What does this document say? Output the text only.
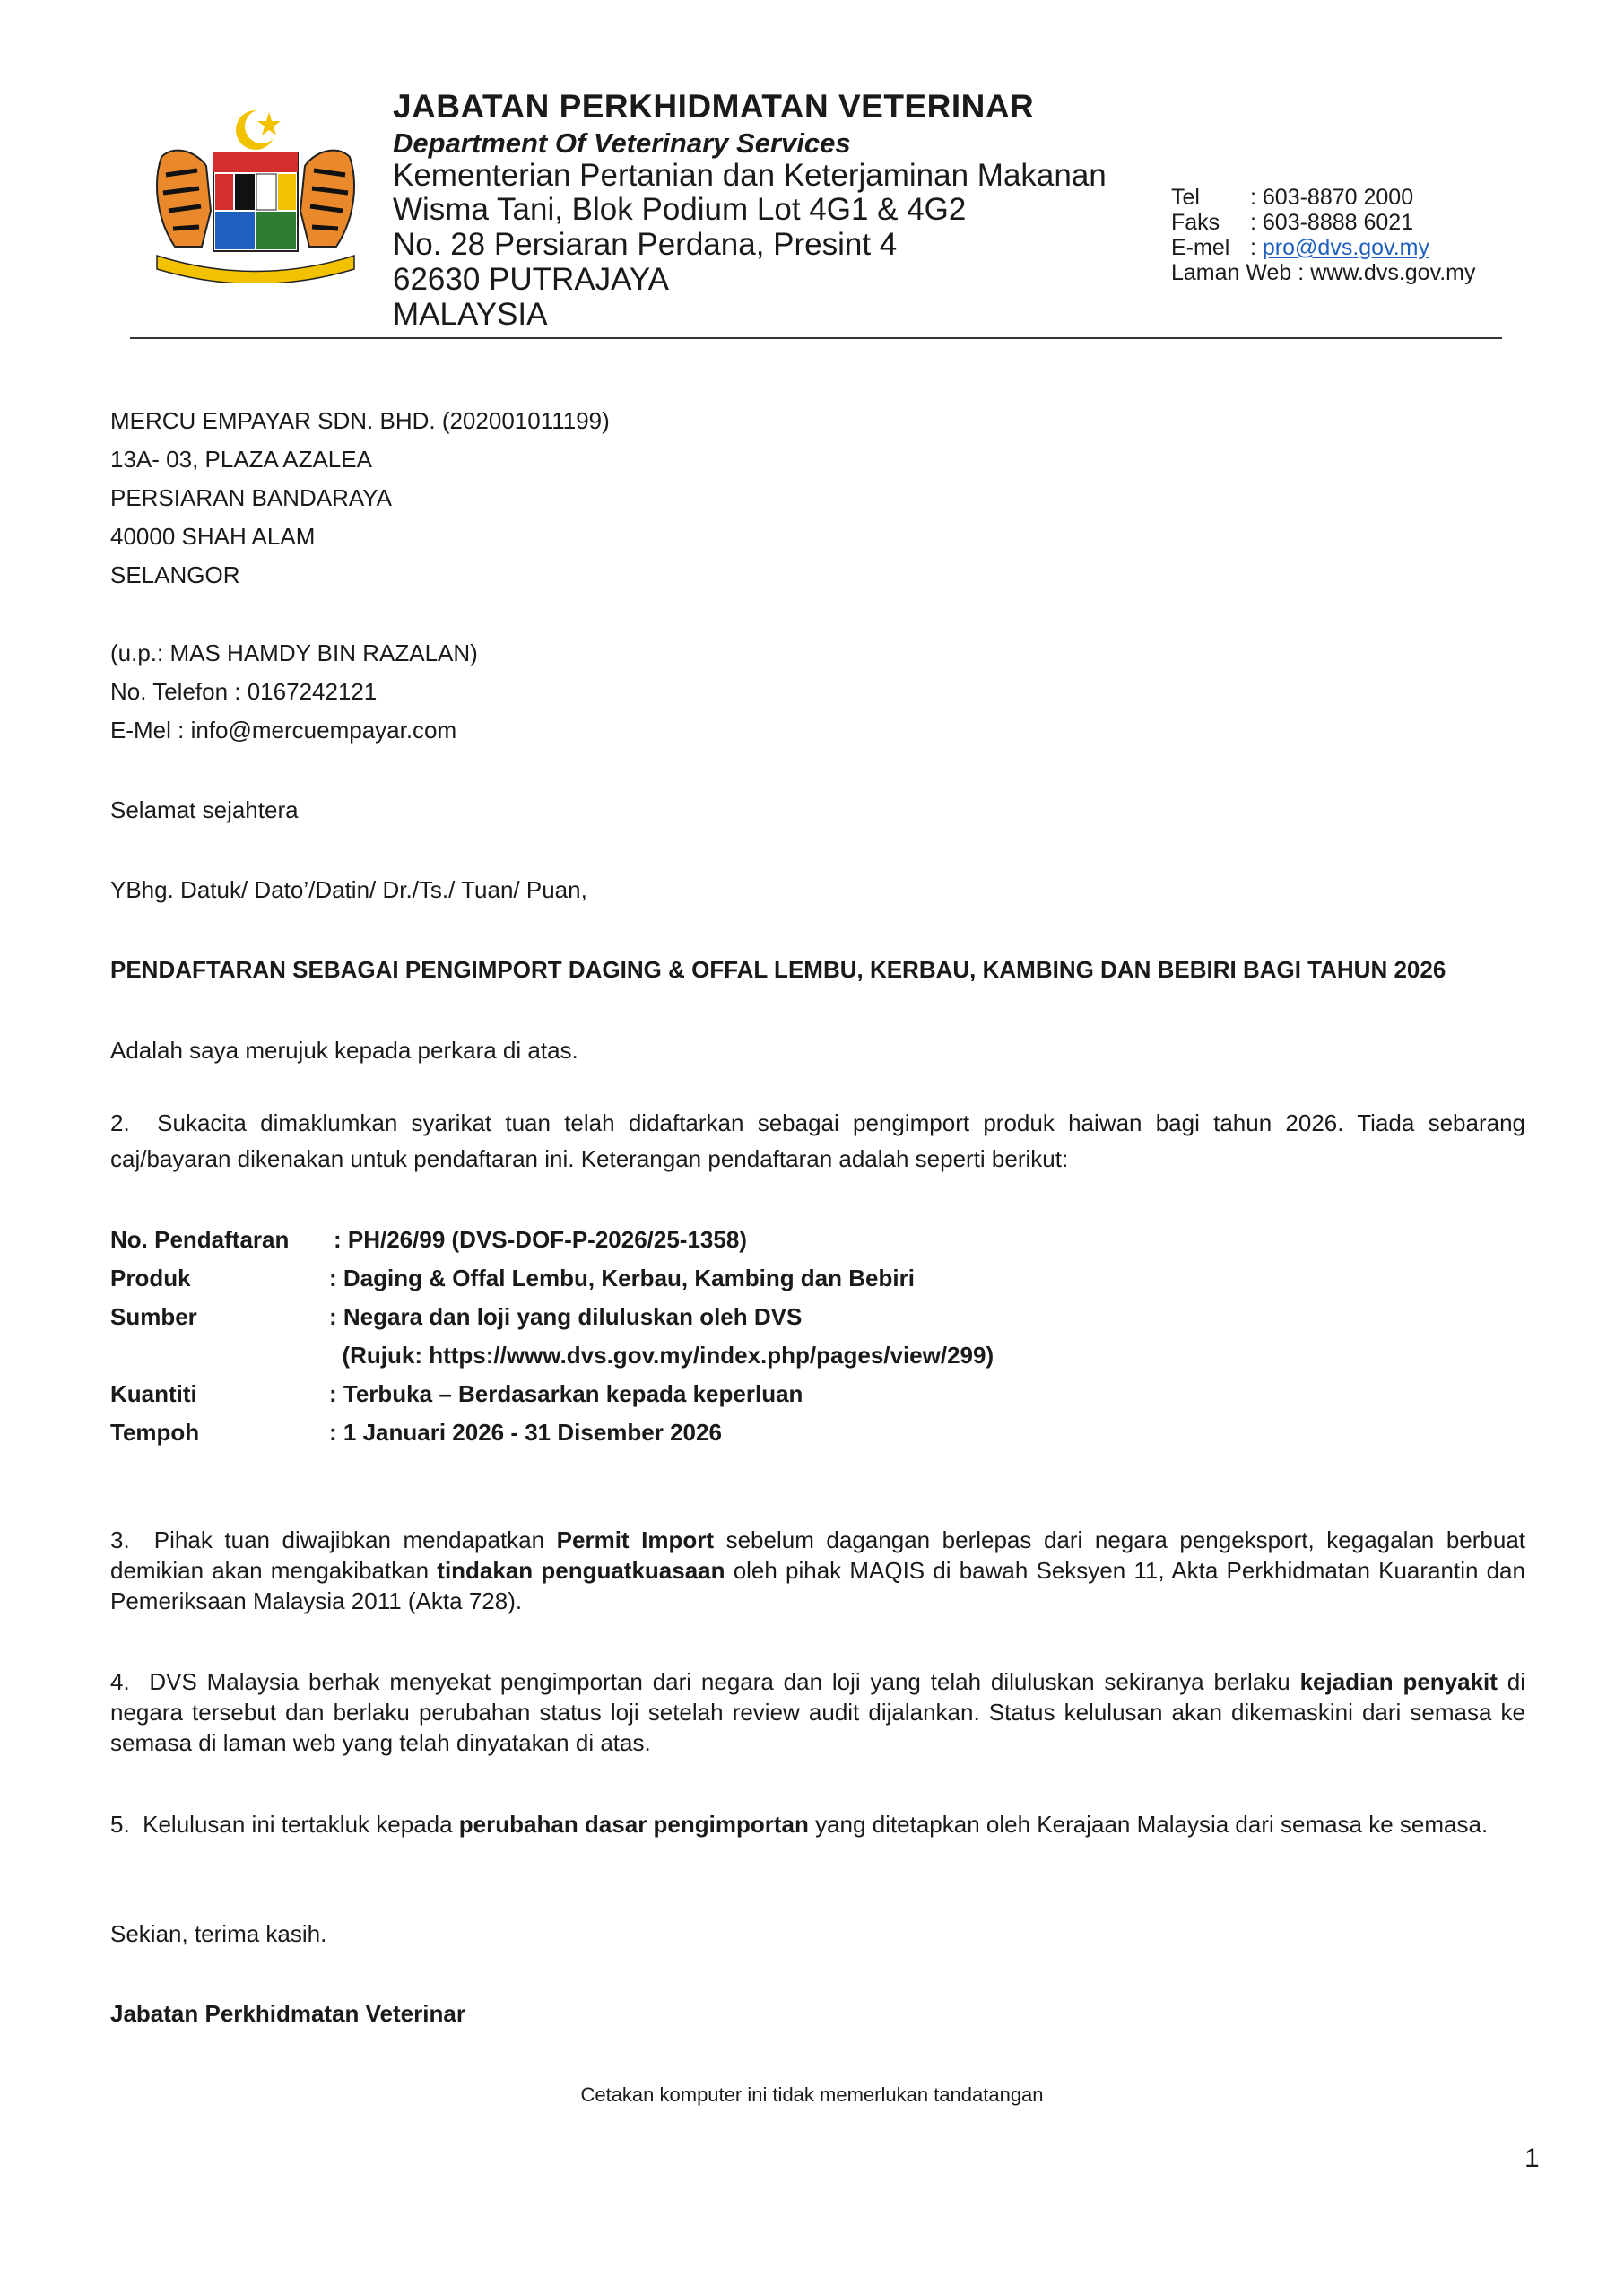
JABATAN PERKHIDMATAN VETERINAR
Department Of Veterinary Services
Kementerian Pertanian dan Keterjaminan Makanan
Wisma Tani, Blok Podium Lot 4G1 & 4G2
No. 28 Persiaran Perdana, Presint 4
62630 PUTRAJAYA
MALAYSIA
Tel : 603-8870 2000
Faks : 603-8888 6021
E-mel : pro@dvs.gov.my
Laman Web : www.dvs.gov.my
MERCU EMPAYAR SDN. BHD. (202001011199)
13A- 03, PLAZA AZALEA
PERSIARAN BANDARAYA
40000 SHAH ALAM
SELANGOR
(u.p.: MAS HAMDY BIN RAZALAN)
No. Telefon : 0167242121
E-Mel : info@mercuempayar.com
Selamat sejahtera
YBhg. Datuk/ Dato’/Datin/ Dr./Ts./ Tuan/ Puan,
PENDAFTARAN SEBAGAI PENGIMPORT DAGING & OFFAL LEMBU, KERBAU, KAMBING DAN BEBIRI BAGI TAHUN 2026
Adalah saya merujuk kepada perkara di atas.
2.  Sukacita dimaklumkan syarikat tuan telah didaftarkan sebagai pengimport produk haiwan bagi tahun 2026. Tiada sebarang caj/bayaran dikenakan untuk pendaftaran ini. Keterangan pendaftaran adalah seperti berikut:
No. Pendaftaran : PH/26/99 (DVS-DOF-P-2026/25-1358)
Produk	: Daging & Offal Lembu, Kerbau, Kambing dan Bebiri
Sumber	: Negara dan loji yang diluluskan oleh DVS
(Rujuk: https://www.dvs.gov.my/index.php/pages/view/299)
Kuantiti	: Terbuka – Berdasarkan kepada keperluan
Tempoh	: 1 Januari 2026 - 31 Disember 2026
3.  Pihak tuan diwajibkan mendapatkan Permit Import sebelum dagangan berlepas dari negara pengeksport, kegagalan berbuat demikian akan mengakibatkan tindakan penguatkuasaan oleh pihak MAQIS di bawah Seksyen 11, Akta Perkhidmatan Kuarantin dan Pemeriksaan Malaysia 2011 (Akta 728).
4.  DVS Malaysia berhak menyekat pengimportan dari negara dan loji yang telah diluluskan sekiranya berlaku kejadian penyakit di negara tersebut dan berlaku perubahan status loji setelah review audit dijalankan. Status kelulusan akan dikemaskini dari semasa ke semasa di laman web yang telah dinyatakan di atas.
5.  Kelulusan ini tertakluk kepada perubahan dasar pengimportan yang ditetapkan oleh Kerajaan Malaysia dari semasa ke semasa.
Sekian, terima kasih.
Jabatan Perkhidmatan Veterinar
Cetakan komputer ini tidak memerlukan tandatangan
1
